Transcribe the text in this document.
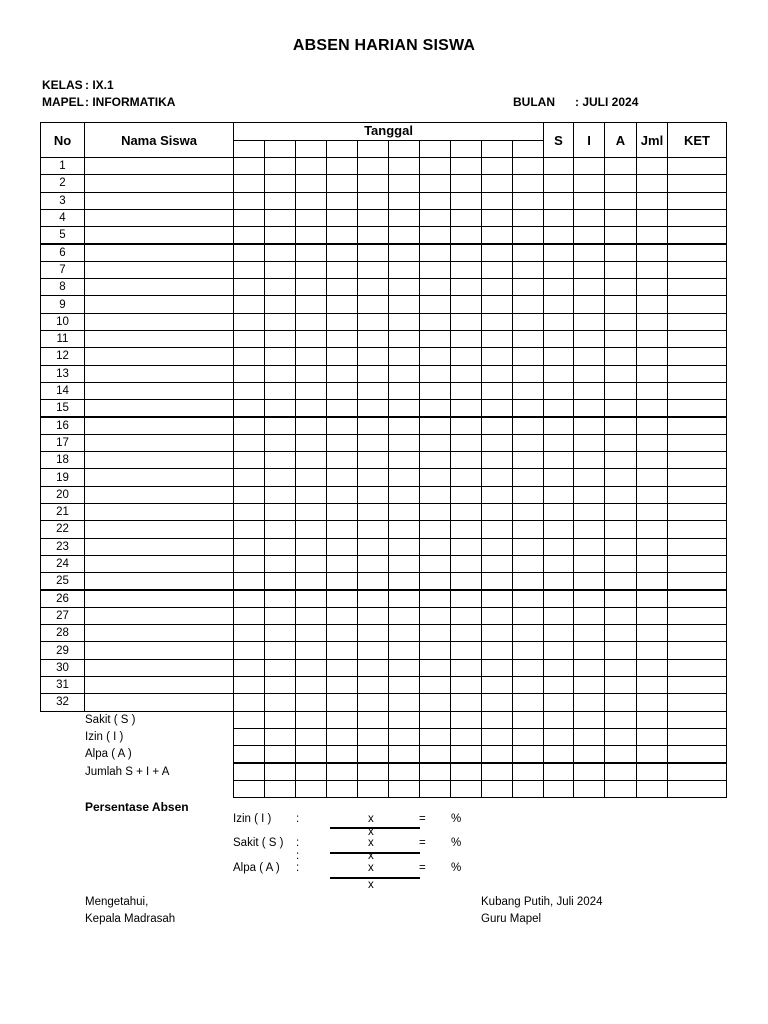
ABSEN HARIAN SISWA
KELAS : IX.1
MAPEL : INFORMATIKA	BULAN : JULI 2024
No	Nama Siswa
Tanggal
S	I	A	Jml	KET
1
2
3
4
5
6
7
8
9
10
11
12
13
14
15
16
17
18
19
20
21
22
23
24
25
26
27
28
29
30
31
32
Sakit ( S )
Izin ( I )
Alpa ( A )
Jumlah S + I + A
Persentase Absen
Izin ( I ) :	x	= %
x
Sakit ( S ) :	x	= %
:	x
Alpa ( A ) :	x	= %
x
Mengetahui,
Kepala Madrasah
Kubang Putih, Juli 2024
Guru Mapel
